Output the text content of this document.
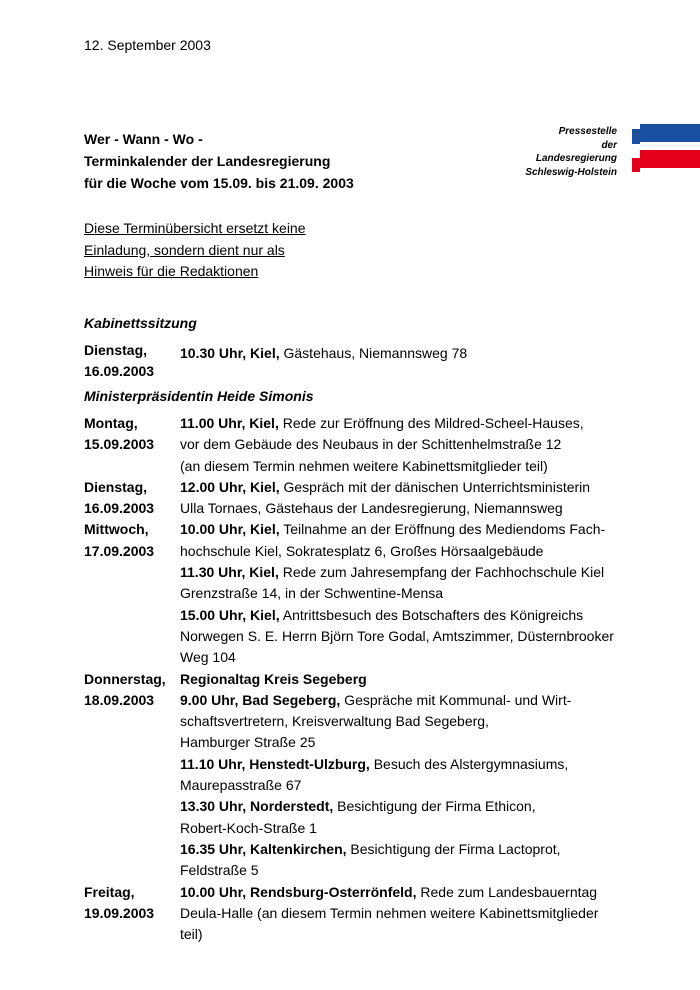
12. September 2003
Wer - Wann - Wo -
Terminkalender der Landesregierung
für die Woche vom 15.09. bis 21.09. 2003
Pressestelle
der
Landesregierung
Schleswig-Holstein
Diese Terminübersicht ersetzt keine
Einladung, sondern dient nur als
Hinweis für die Redaktionen
Kabinettssitzung
Dienstag, 10.30 Uhr, Kiel, Gästehaus, Niemannsweg 78
16.09.2003
Ministerpräsidentin Heide Simonis
Montag,	11.00 Uhr, Kiel, Rede zur Eröffnung des Mildred-Scheel-Hauses,
15.09.2003 vor dem Gebäude des Neubaus in der Schittenhelmstraße 12
(an diesem Termin nehmen weitere Kabinettsmitglieder teil)
Dienstag, 12.00 Uhr, Kiel, Gespräch mit der dänischen Unterrichtsministerin
16.09.2003 Ulla Tornaes, Gästehaus der Landesregierung, Niemannsweg
Mittwoch, 10.00 Uhr, Kiel, Teilnahme an der Eröffnung des Mediendoms Fach-
17.09.2003 hochschule Kiel, Sokratesplatz 6, Großes Hörsaalgebäude
11.30 Uhr, Kiel, Rede zum Jahresempfang der Fachhochschule Kiel
Grenzstraße 14, in der Schwentine-Mensa
15.00 Uhr, Kiel, Antrittsbesuch des Botschafters des Königreichs
Norwegen S. E. Herrn Björn Tore Godal, Amtszimmer, Düsternbrooker
Weg 104
Donnerstag, Regionaltag Kreis Segeberg
18.09.2003 9.00 Uhr, Bad Segeberg, Gespräche mit Kommunal- und Wirt-
schaftsvertretern, Kreisverwaltung Bad Segeberg,
Hamburger Straße 25
11.10 Uhr, Henstedt-Ulzburg, Besuch des Alstergymnasiums,
Maurepasstraße 67
13.30 Uhr, Norderstedt, Besichtigung der Firma Ethicon,
Robert-Koch-Straße 1
16.35 Uhr, Kaltenkirchen, Besichtigung der Firma Lactoprot,
Feldstraße 5
Freitag,	10.00 Uhr, Rendsburg-Osterrönfeld, Rede zum Landesbauerntag
19.09.2003 Deula-Halle (an diesem Termin nehmen weitere Kabinettsmitglieder
teil)
